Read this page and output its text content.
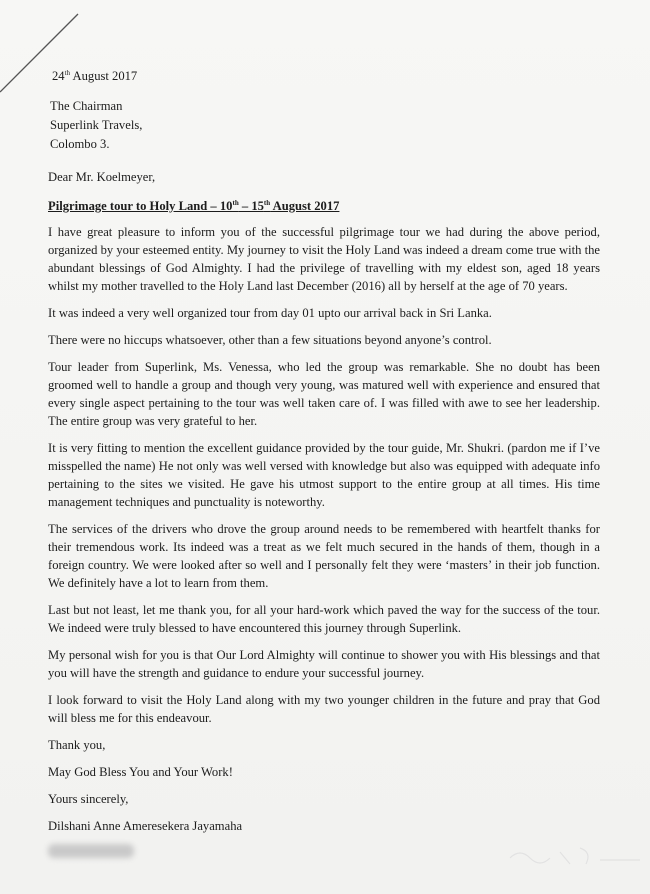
24th August 2017
The Chairman
Superlink Travels,
Colombo 3.
Dear Mr. Koelmeyer,
Pilgrimage tour to Holy Land – 10th – 15th August 2017

I have great pleasure to inform you of the successful pilgrimage tour we had during the above period, organized by your esteemed entity. My journey to visit the Holy Land was indeed a dream come true with the abundant blessings of God Almighty. I had the privilege of travelling with my eldest son, aged 18 years whilst my mother travelled to the Holy Land last December (2016) all by herself at the age of 70 years.

It was indeed a very well organized tour from day 01 upto our arrival back in Sri Lanka.

There were no hiccups whatsoever, other than a few situations beyond anyone’s control.

Tour leader from Superlink, Ms. Venessa, who led the group was remarkable. She no doubt has been groomed well to handle a group and though very young, was matured well with experience and ensured that every single aspect pertaining to the tour was well taken care of. I was filled with awe to see her leadership. The entire group was very grateful to her.

It is very fitting to mention the excellent guidance provided by the tour guide, Mr. Shukri. (pardon me if I’ve misspelled the name) He not only was well versed with knowledge but also was equipped with adequate info pertaining to the sites we visited. He gave his utmost support to the entire group at all times. His time management techniques and punctuality is noteworthy.

The services of the drivers who drove the group around needs to be remembered with heartfelt thanks for their tremendous work. Its indeed was a treat as we felt much secured in the hands of them, though in a foreign country. We were looked after so well and I personally felt they were ‘masters’ in their job function. We definitely have a lot to learn from them.

Last but not least, let me thank you, for all your hard-work which paved the way for the success of the tour. We indeed were truly blessed to have encountered this journey through Superlink.

My personal wish for you is that Our Lord Almighty will continue to shower you with His blessings and that you will have the strength and guidance to endure your successful journey.

I look forward to visit the Holy Land along with my two younger children in the future and pray that God will bless me for this endeavour.

Thank you,
May God Bless You and Your Work!
Yours sincerely,
Dilshani Anne Ameresekera Jayamaha
